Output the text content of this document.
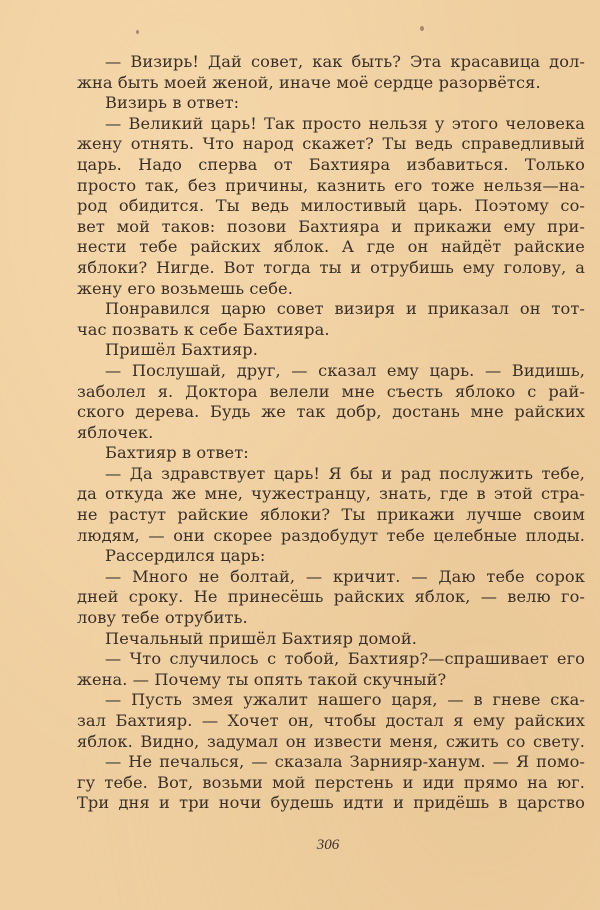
— Визирь! Дай совет, как быть? Эта красавица дол-
жна быть моей женой, иначе моё сердце разорвётся.
Визирь в ответ:
— Великий царь! Так просто нельзя у этого человека
жену отнять. Что народ скажет? Ты ведь справедливый
царь. Надо сперва от Бахтияра избавиться. Только
просто так, без причины, казнить его тоже нельзя—на-
род обидится. Ты ведь милостивый царь. Поэтому со-
вет мой таков: позови Бахтияра и прикажи ему при-
нести тебе райских яблок. А где он найдёт райские
яблоки? Нигде. Вот тогда ты и отрубишь ему голову, а
жену его возьмешь себе.
Понравился царю совет визиря и приказал он тот-
час позвать к себе Бахтияра.
Пришёл Бахтияр.
— Послушай, друг, — сказал ему царь. — Видишь,
заболел я. Доктора велели мне съесть яблоко с рай-
ского дерева. Будь же так добр, достань мне райских
яблочек.
Бахтияр в ответ:
— Да здравствует царь! Я бы и рад послужить тебе,
да откуда же мне, чужестранцу, знать, где в этой стра-
не растут райские яблоки? Ты прикажи лучше своим
людям, — они скорее раздобудут тебе целебные плоды.
Рассердился царь:
— Много не болтай, — кричит. — Даю тебе сорок
дней сроку. Не принесёшь райских яблок, — велю го-
лову тебе отрубить.
Печальный пришёл Бахтияр домой.
— Что случилось с тобой, Бахтияр?—спрашивает его
жена. — Почему ты опять такой скучный?
— Пусть змея ужалит нашего царя, — в гневе ска-
зал Бахтияр. — Хочет он, чтобы достал я ему райских
яблок. Видно, задумал он извести меня, сжить со свету.
— Не печалься, — сказала Зарнияр-ханум. — Я помо-
гу тебе. Вот, возьми мой перстень и иди прямо на юг.
Три дня и три ночи будешь идти и придёшь в царство
306
